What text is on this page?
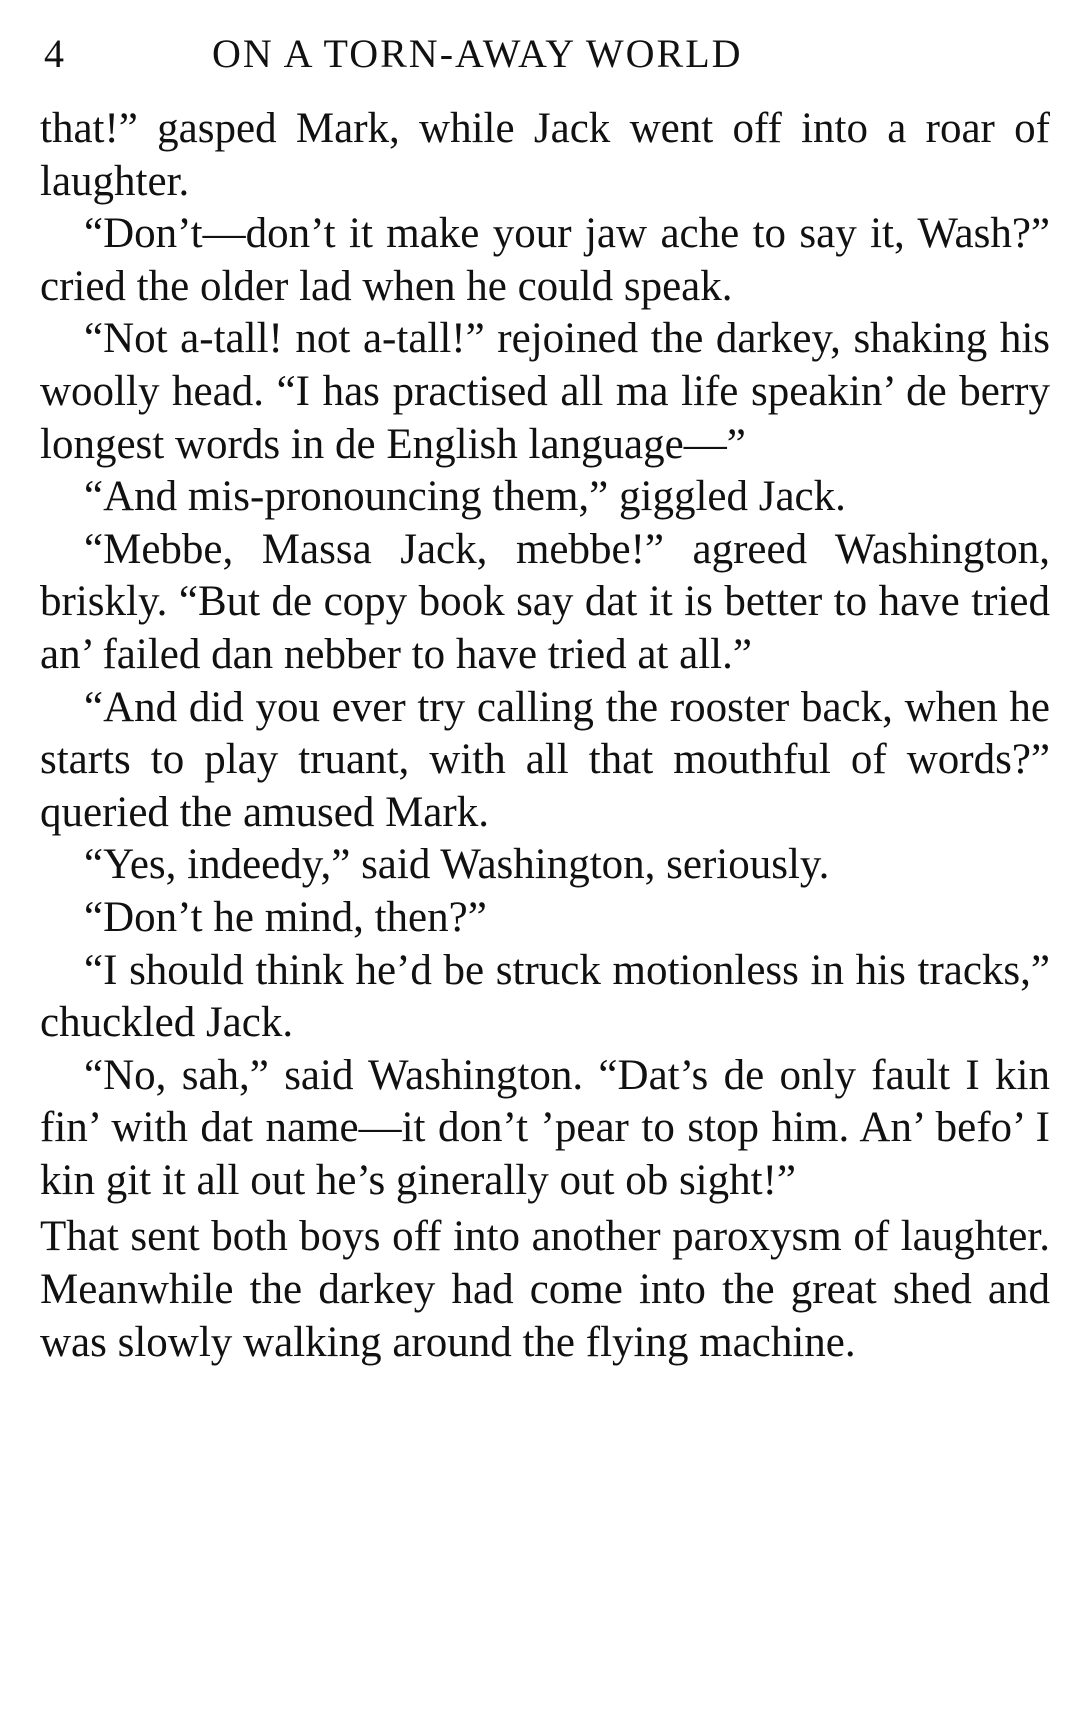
4	ON A TORN-AWAY WORLD

that!” gasped Mark, while Jack went off into a roar of laughter.

“Don’t—don’t it make your jaw ache to say it, Wash?” cried the older lad when he could speak.

“Not a-tall! not a-tall!” rejoined the darkey, shaking his woolly head. “I has practised all ma life speakin’ de berry longest words in de English language—”

“And mis-pronouncing them,” giggled Jack.

“Mebbe, Massa Jack, mebbe!” agreed Washington, briskly. “But de copy book say dat it is better to have tried an’ failed dan nebber to have tried at all.”

“And did you ever try calling the rooster back, when he starts to play truant, with all that mouthful of words?” queried the amused Mark.

“Yes, indeedy,” said Washington, seriously.

“Don’t he mind, then?”

“I should think he’d be struck motionless in his tracks,” chuckled Jack.

“No, sah,” said Washington. “Dat’s de only fault I kin fin’ with dat name—it don’t ’pear to stop him. An’ befo’ I kin git it all out he’s ginerally out ob sight!”

That sent both boys off into another paroxysm of laughter. Meanwhile the darkey had come into the great shed and was slowly walking around the flying machine.
